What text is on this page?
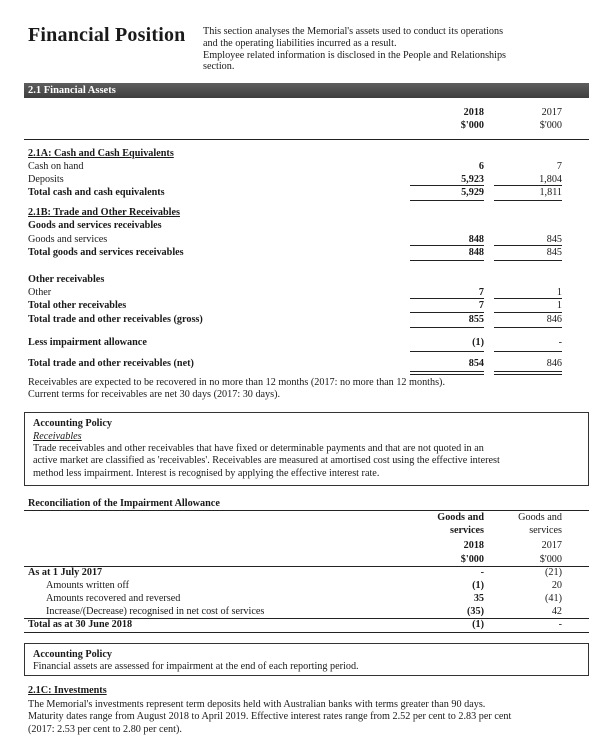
Financial Position This section analyses the Memorial's assets used to conduct its operations
and the operating liabilities incurred as a result.
Employee related information is disclosed in the People and Relationships
section.
2.1 Financial Assets
2018	2017
$'000	$'000
2.1A: Cash and Cash Equivalents
Cash on hand	6	7
Deposits	5,923	1,804
Total cash and cash equivalents	5,929	1,811
2.1B: Trade and Other Receivables
Goods and services receivables
Goods and services	848	845
Total goods and services receivables	848	845
Other receivables
Other	7	1
Total other receivables	7	1
Total trade and other receivables (gross)	855	846
Less impairment allowance	(1)	-
Total trade and other receivables (net)	854	846
Receivables are expected to be recovered in no more than 12 months (2017: no more than 12 months).
Current terms for receivables are net 30 days (2017: 30 days).
Accounting Policy
Receivables
Trade receivables and other receivables that have fixed or determinable payments and that are not quoted in an
active market are classified as 'receivables'. Receivables are measured at amortised cost using the effective interest
method less impairment. Interest is recognised by applying the effective interest rate.
Reconciliation of the Impairment Allowance
Goods and	Goods and
services	services
2018	2017
$'000	$'000
As at 1 July 2017	-	(21)
Amounts written off	(1)	20
Amounts recovered and reversed	35	(41)
Increase/(Decrease) recognised in net cost of services	(35)	42
Total as at 30 June 2018	(1)	-
Accounting Policy
Financial assets are assessed for impairment at the end of each reporting period.
2.1C: Investments
The Memorial's investments represent term deposits held with Australian banks with terms greater than 90 days.
Maturity dates range from August 2018 to April 2019. Effective interest rates range from 2.52 per cent to 2.83 per cent
(2017: 2.53 per cent to 2.80 per cent).
